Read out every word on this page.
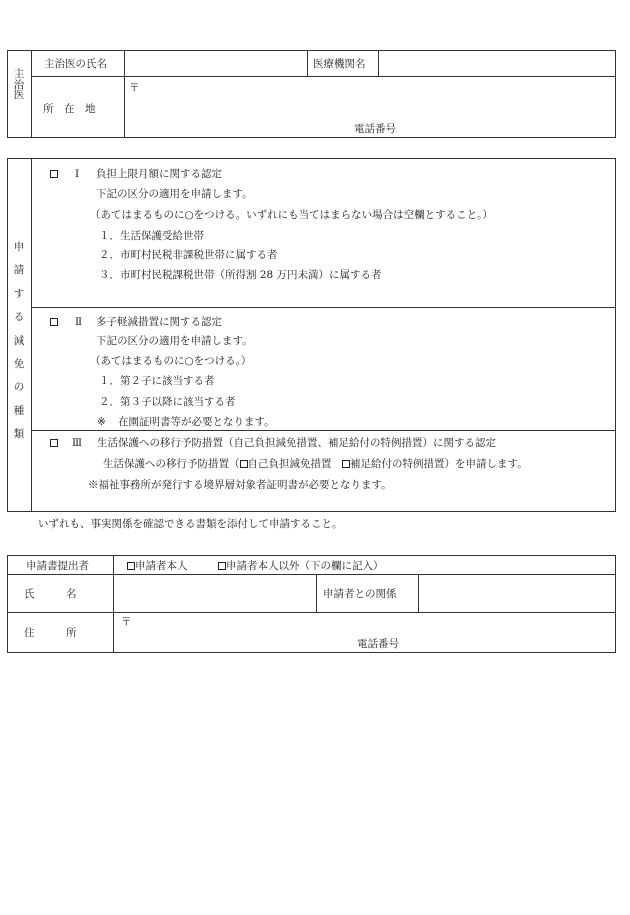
主
治
医
主治医の氏名	医療機関名
所　在　地
〒
電話番号
申
請
す
る
減
免
の
種
類
Ⅰ 負担上限月額に関する認定
下記の区分の適用を申請します。
（あてはまるものに○をつける。いずれにも当てはまらない場合は空欄とすること。）
１．生活保護受給世帯
２．市町村民税非課税世帯に属する者
３．市町村民税課税世帯（所得割 28 万円未満）に属する者
Ⅱ 多子軽減措置に関する認定
下記の区分の適用を申請します。
（あてはまるものに○をつける。）
１．第２子に該当する者
２．第３子以降に該当する者
※ 在園証明書等が必要となります。
Ⅲ 生活保護への移行予防措置（自己負担減免措置、補足給付の特例措置）に関する認定
生活保護への移行予防措置（ 自己負担減免措置　 補足給付の特例措置）を申請します。
※福祉事務所が発行する境界層対象者証明書が必要となります。
いずれも、事実関係を確認できる書類を添付して申請すること。
申請書提出者	申請者本人	申請者本人以外（下の欄に記入）
氏　　　名	申請者との関係
住　　　所
〒
電話番号
